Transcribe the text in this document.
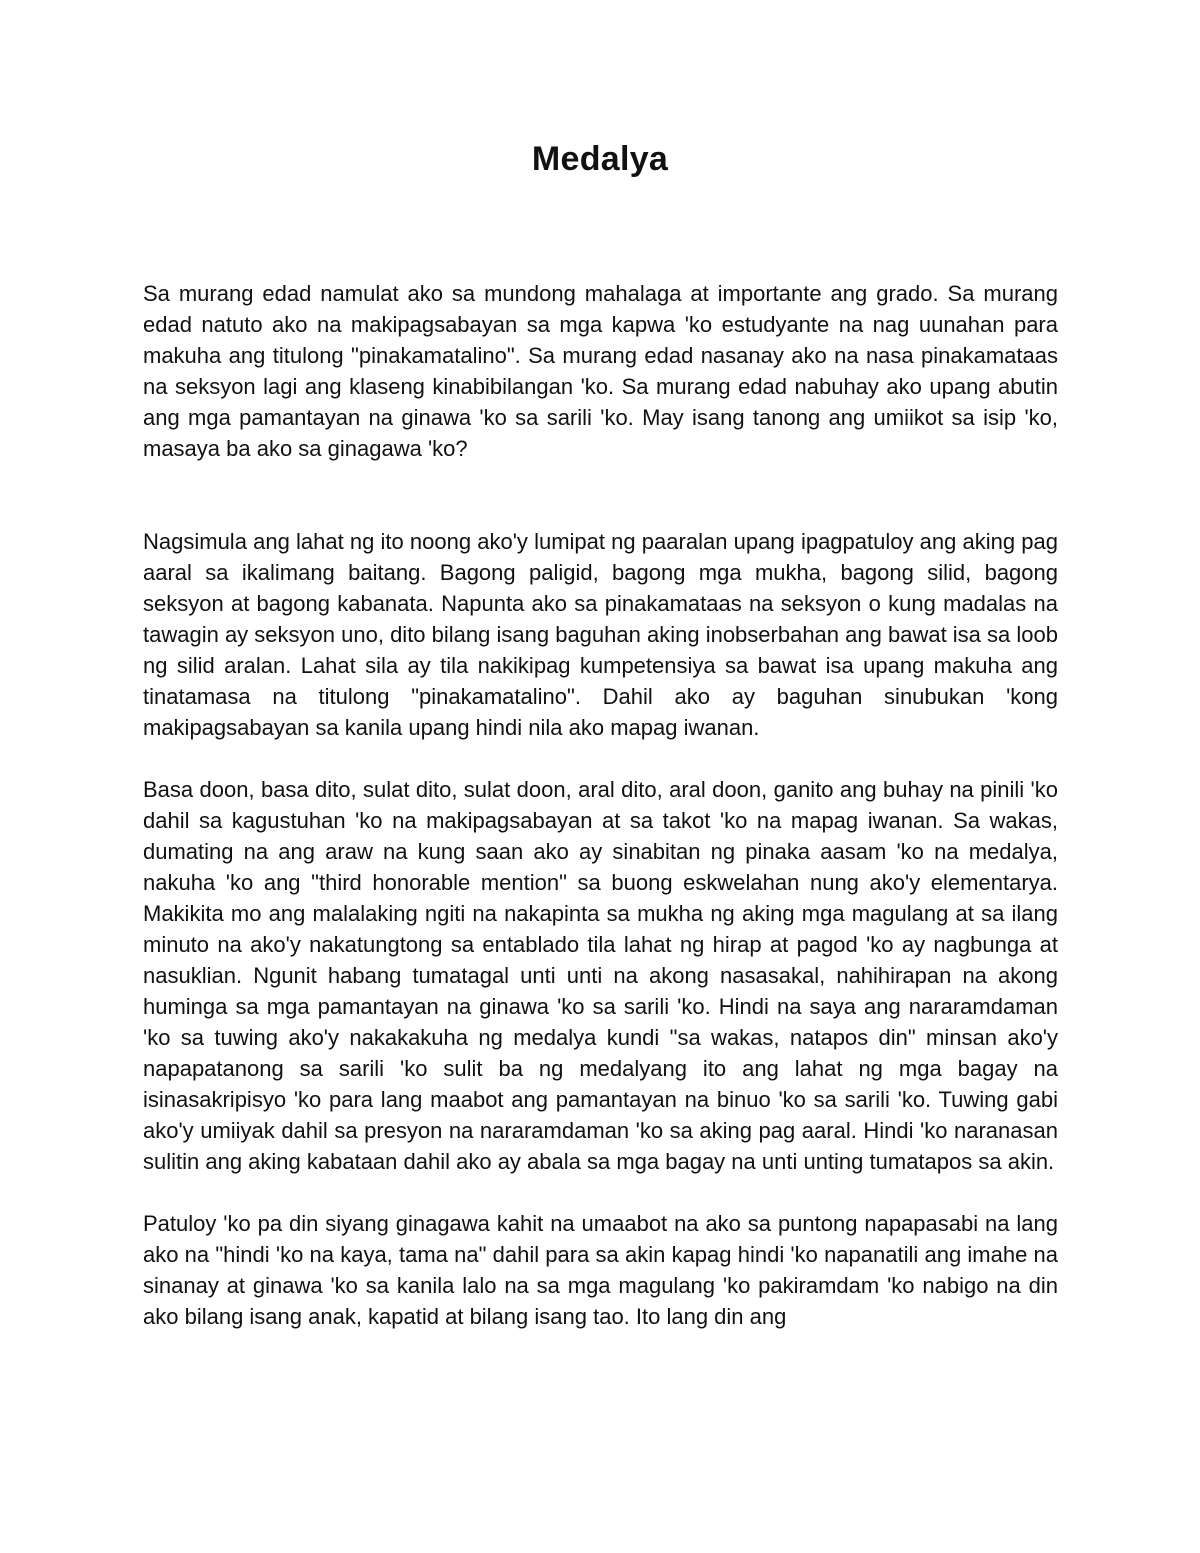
Medalya

Sa murang edad namulat ako sa mundong mahalaga at importante ang grado. Sa murang edad natuto ako na makipagsabayan sa mga kapwa 'ko estudyante na nag uunahan para makuha ang titulong "pinakamatalino". Sa murang edad nasanay ako na nasa pinakamataas na seksyon lagi ang klaseng kinabibilangan 'ko. Sa murang edad nabuhay ako upang abutin ang mga pamantayan na ginawa 'ko sa sarili 'ko. May isang tanong ang umiikot sa isip 'ko, masaya ba ako sa ginagawa 'ko?

Nagsimula ang lahat ng ito noong ako'y lumipat ng paaralan upang ipagpatuloy ang aking pag aaral sa ikalimang baitang. Bagong paligid, bagong mga mukha, bagong silid, bagong seksyon at bagong kabanata. Napunta ako sa pinakamataas na seksyon o kung madalas na tawagin ay seksyon uno, dito bilang isang baguhan aking inobserbahan ang bawat isa sa loob ng silid aralan. Lahat sila ay tila nakikipag kumpetensiya sa bawat isa upang makuha ang tinatamasa na titulong "pinakamatalino". Dahil ako ay baguhan sinubukan 'kong makipagsabayan sa kanila upang hindi nila ako mapag iwanan.

Basa doon, basa dito, sulat dito, sulat doon, aral dito, aral doon, ganito ang buhay na pinili 'ko dahil sa kagustuhan 'ko na makipagsabayan at sa takot 'ko na mapag iwanan. Sa wakas, dumating na ang araw na kung saan ako ay sinabitan ng pinaka aasam 'ko na medalya, nakuha 'ko ang "third honorable mention" sa buong eskwelahan nung ako'y elementarya. Makikita mo ang malalaking ngiti na nakapinta sa mukha ng aking mga magulang at sa ilang minuto na ako'y nakatungtong sa entablado tila lahat ng hirap at pagod 'ko ay nagbunga at nasuklian. Ngunit habang tumatagal unti unti na akong nasasakal, nahihirapan na akong huminga sa mga pamantayan na ginawa 'ko sa sarili 'ko. Hindi na saya ang nararamdaman 'ko sa tuwing ako'y nakakakuha ng medalya kundi "sa wakas, natapos din" minsan ako'y napapatanong sa sarili 'ko sulit ba ng medalyang ito ang lahat ng mga bagay na isinasakripisyo 'ko para lang maabot ang pamantayan na binuo 'ko sa sarili 'ko. Tuwing gabi ako'y umiiyak dahil sa presyon na nararamdaman 'ko sa aking pag aaral. Hindi 'ko naranasan sulitin ang aking kabataan dahil ako ay abala sa mga bagay na unti unting tumatapos sa akin.

Patuloy 'ko pa din siyang ginagawa kahit na umaabot na ako sa puntong napapasabi na lang ako na "hindi 'ko na kaya, tama na" dahil para sa akin kapag hindi 'ko napanatili ang imahe na sinanay at ginawa 'ko sa kanila lalo na sa mga magulang 'ko pakiramdam 'ko nabigo na din ako bilang isang anak, kapatid at bilang isang tao. Ito lang din ang
